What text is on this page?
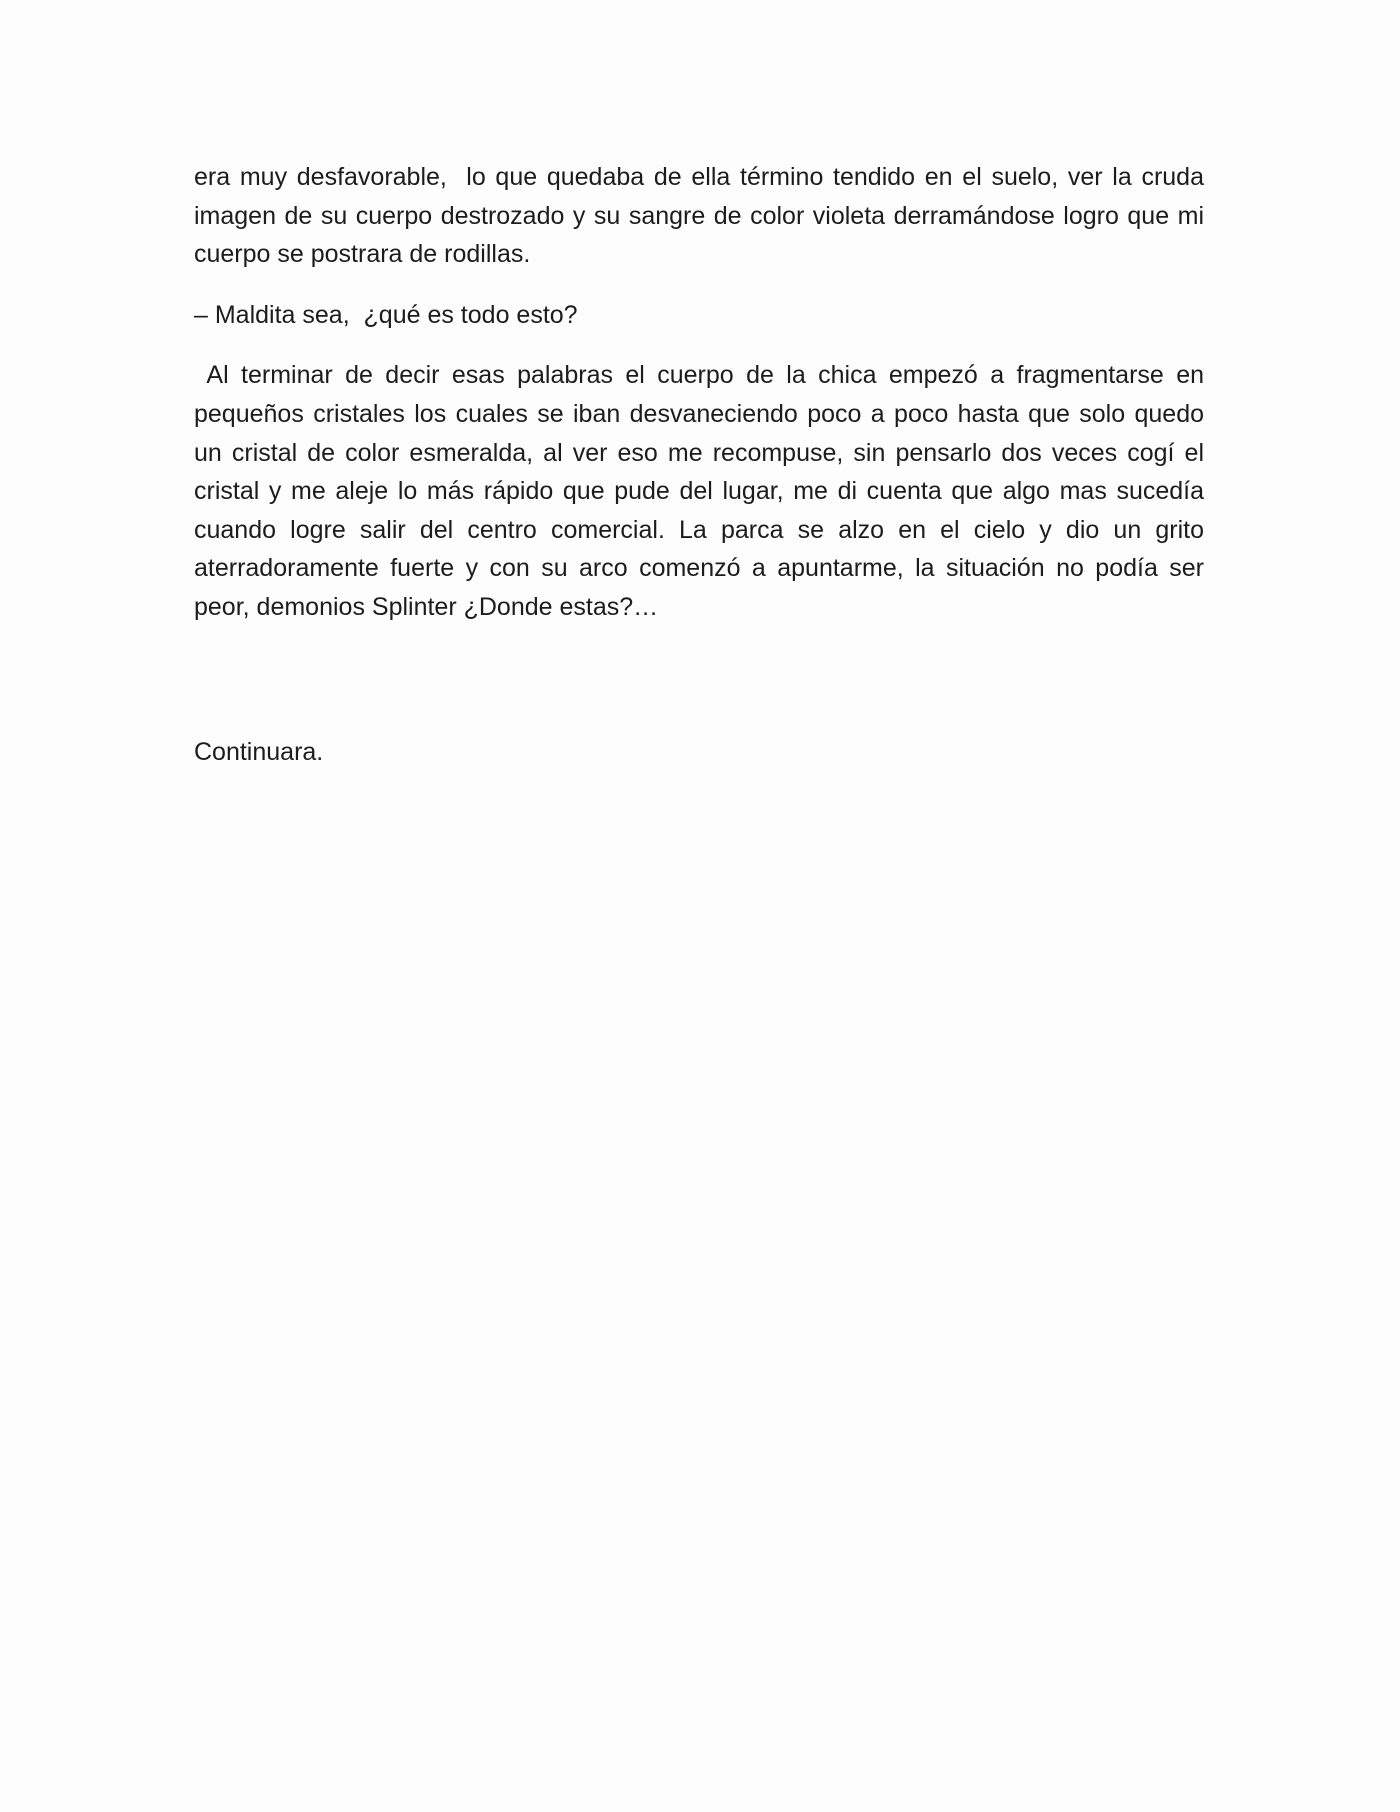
era muy desfavorable,  lo que quedaba de ella término tendido en el suelo, ver la cruda imagen de su cuerpo destrozado y su sangre de color violeta derramándose logro que mi cuerpo se postrara de rodillas.

– Maldita sea,  ¿qué es todo esto?

Al terminar de decir esas palabras el cuerpo de la chica empezó a fragmentarse en pequeños cristales los cuales se iban desvaneciendo poco a poco hasta que solo quedo un cristal de color esmeralda, al ver eso me recompuse, sin pensarlo dos veces cogí el cristal y me aleje lo más rápido que pude del lugar, me di cuenta que algo mas sucedía cuando logre salir del centro comercial. La parca se alzo en el cielo y dio un grito aterradoramente fuerte y con su arco comenzó a apuntarme, la situación no podía ser peor, demonios Splinter ¿Donde estas?…

Continuara.
